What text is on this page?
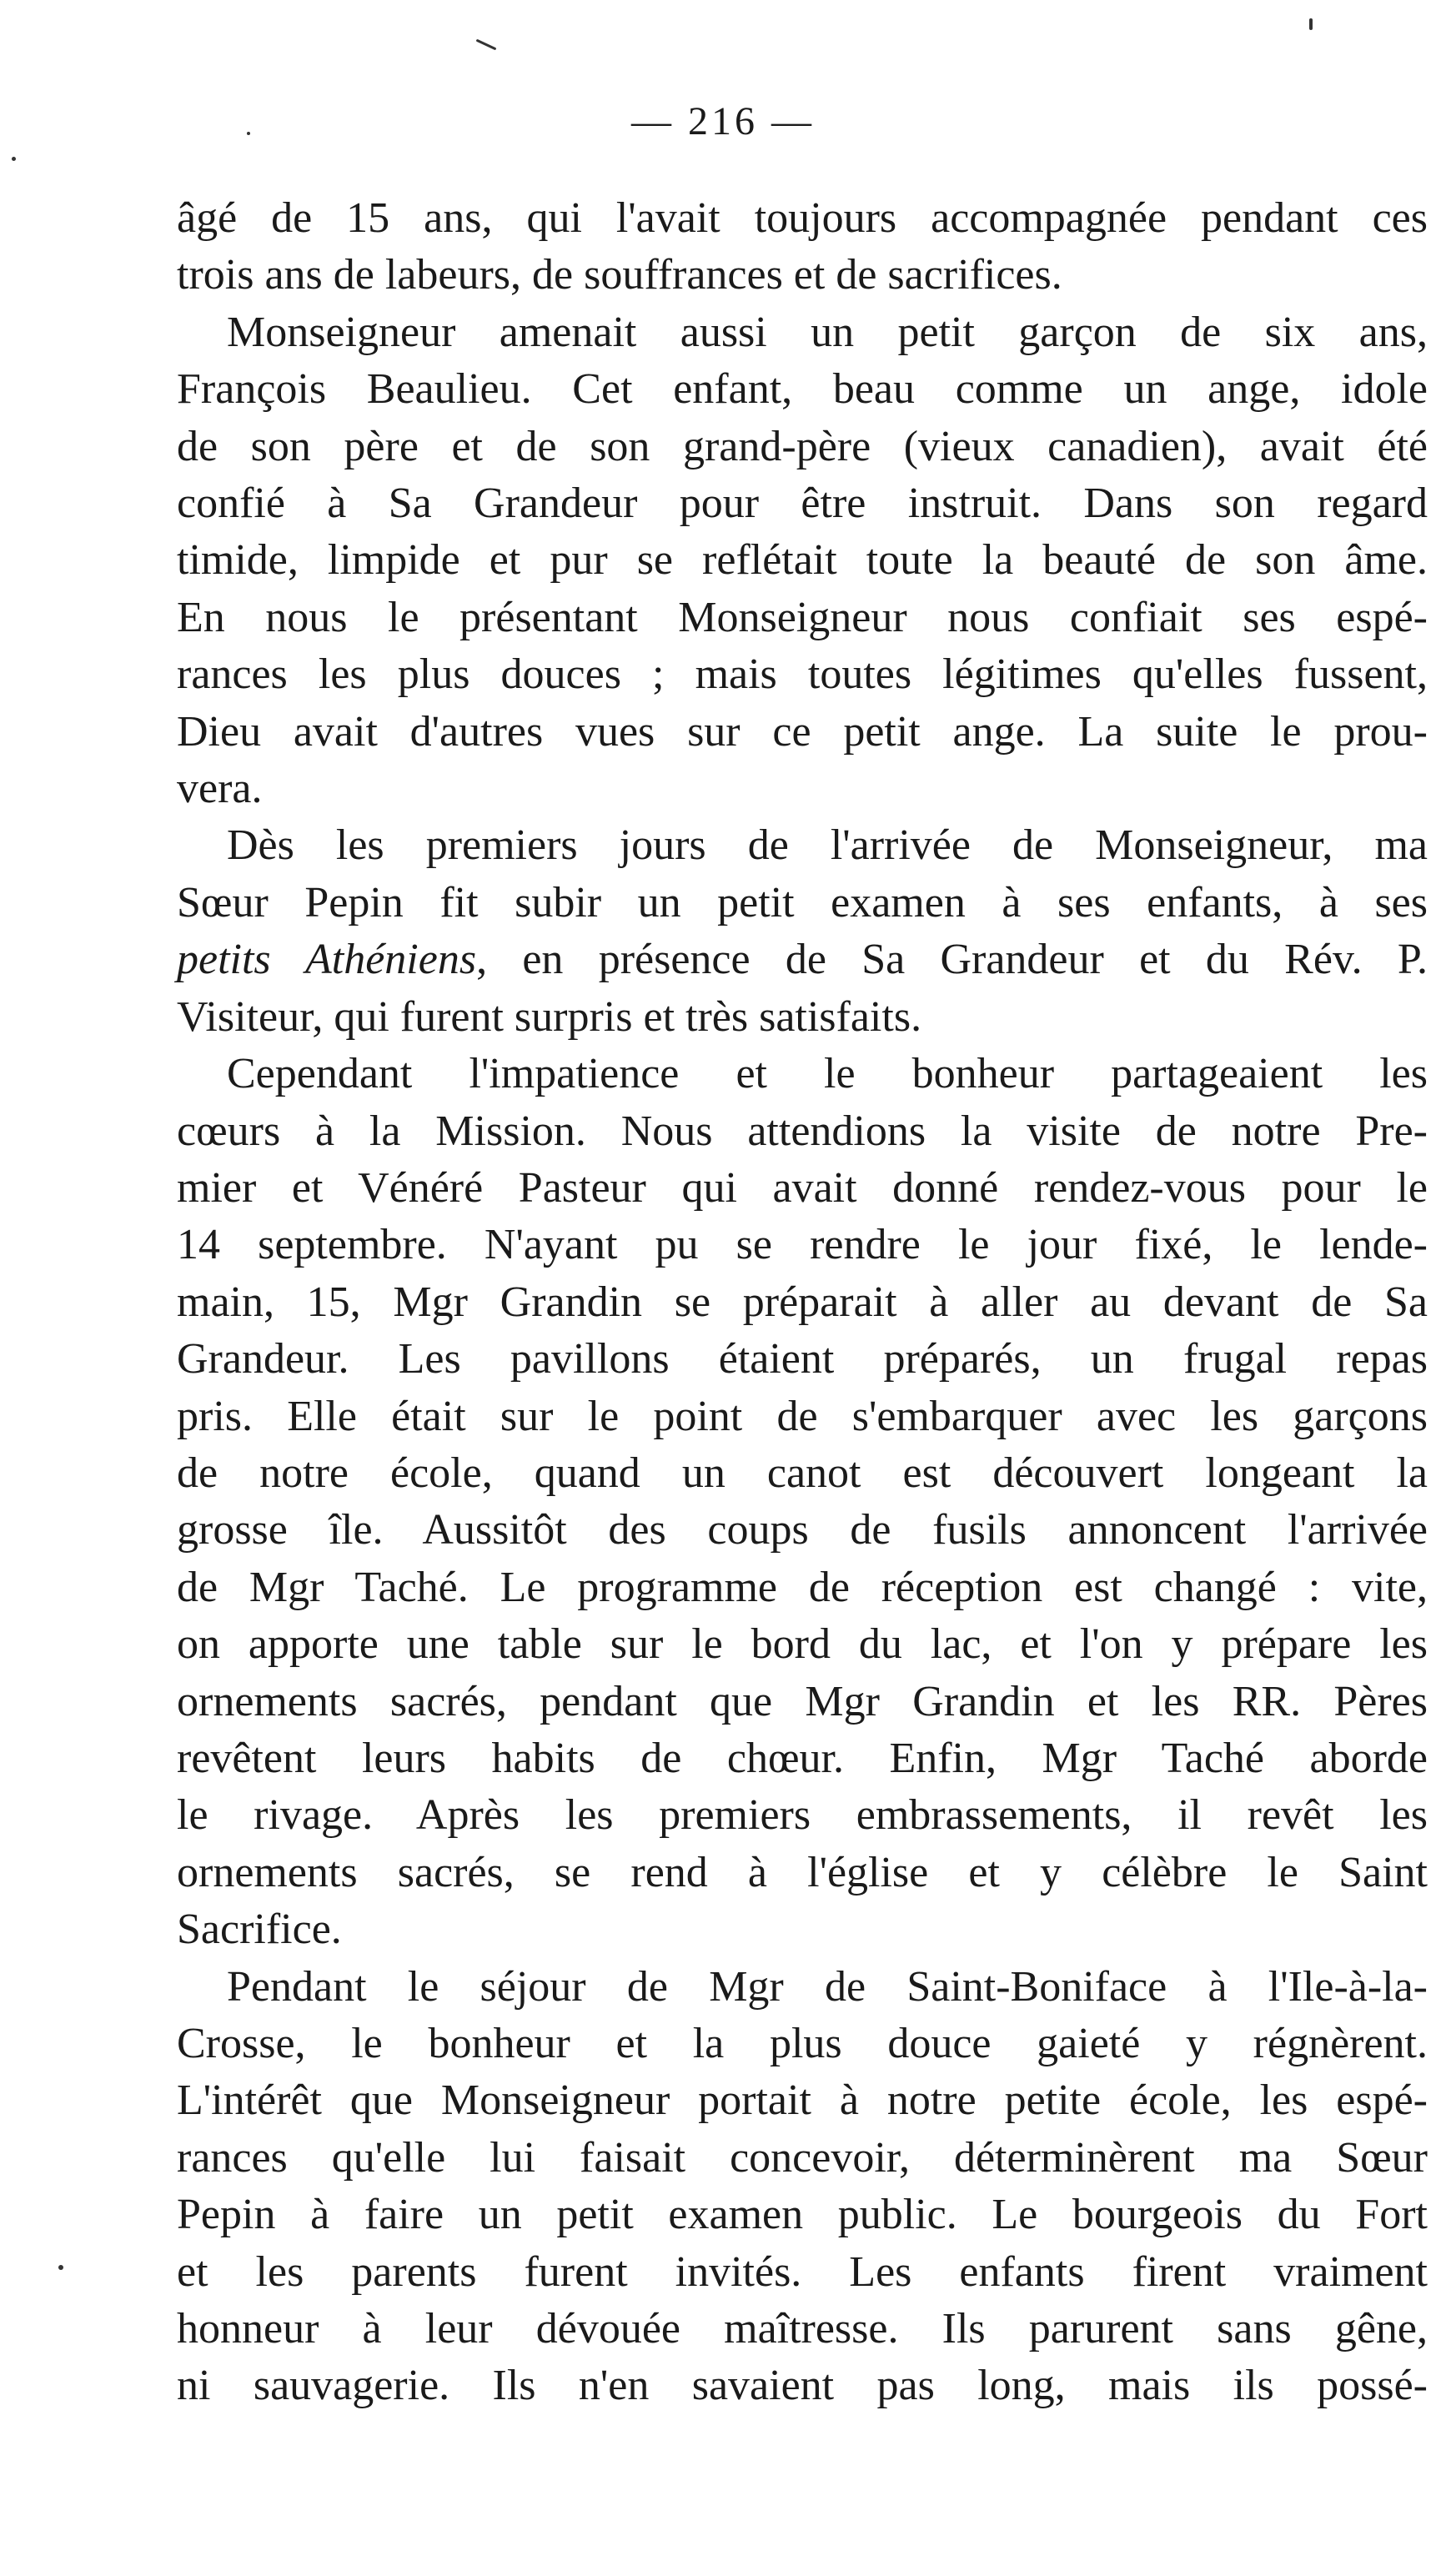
— 216 —
âgé de 15 ans, qui l'avait toujours accompagnée pendant ces
trois ans de labeurs, de souffrances et de sacrifices.
Monseigneur amenait aussi un petit garçon de six ans,
François Beaulieu. Cet enfant, beau comme un ange, idole
de son père et de son grand-père (vieux canadien), avait été
confié à Sa Grandeur pour être instruit. Dans son regard
timide, limpide et pur se reflétait toute la beauté de son âme.
En nous le présentant Monseigneur nous confiait ses espé-
rances les plus douces ; mais toutes légitimes qu'elles fussent,
Dieu avait d'autres vues sur ce petit ange. La suite le prou-
vera.
Dès les premiers jours de l'arrivée de Monseigneur, ma
Sœur Pepin fit subir un petit examen à ses enfants, à ses
petits Athéniens, en présence de Sa Grandeur et du Rév. P.
Visiteur, qui furent surpris et très satisfaits.
Cependant l'impatience et le bonheur partageaient les
cœurs à la Mission. Nous attendions la visite de notre Pre-
mier et Vénéré Pasteur qui avait donné rendez-vous pour le
14 septembre. N'ayant pu se rendre le jour fixé, le lende-
main, 15, Mgr Grandin se préparait à aller au devant de Sa
Grandeur. Les pavillons étaient préparés, un frugal repas
pris. Elle était sur le point de s'embarquer avec les garçons
de notre école, quand un canot est découvert longeant la
grosse île. Aussitôt des coups de fusils annoncent l'arrivée
de Mgr Taché. Le programme de réception est changé : vite,
on apporte une table sur le bord du lac, et l'on y prépare les
ornements sacrés, pendant que Mgr Grandin et les RR. Pères
revêtent leurs habits de chœur. Enfin, Mgr Taché aborde
le rivage. Après les premiers embrassements, il revêt les
ornements sacrés, se rend à l'église et y célèbre le Saint
Sacrifice.
Pendant le séjour de Mgr de Saint-Boniface à l'Ile-à-la-
Crosse, le bonheur et la plus douce gaieté y régnèrent.
L'intérêt que Monseigneur portait à notre petite école, les espé-
rances qu'elle lui faisait concevoir, déterminèrent ma Sœur
Pepin à faire un petit examen public. Le bourgeois du Fort
et les parents furent invités. Les enfants firent vraiment
honneur à leur dévouée maîtresse. Ils parurent sans gêne,
ni sauvagerie. Ils n'en savaient pas long, mais ils possé-
